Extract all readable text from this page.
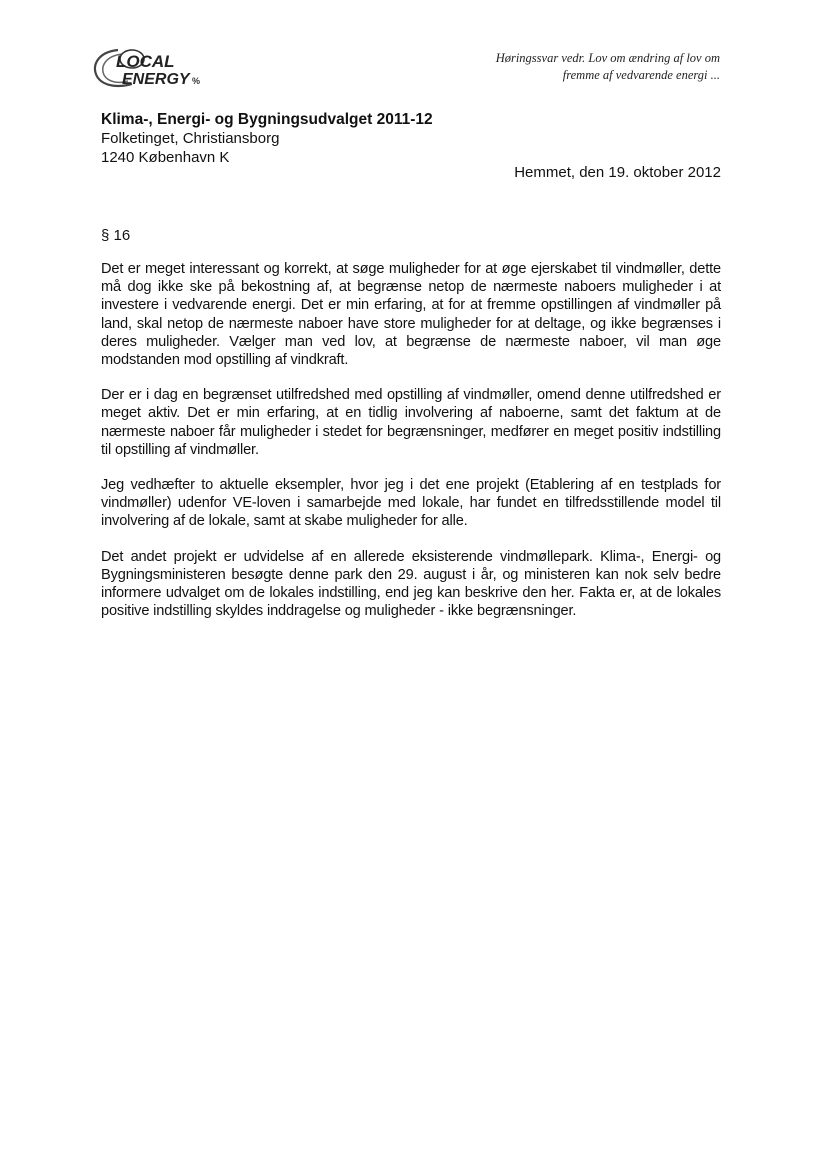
LOCAL
ENERGY %
Høringssvar vedr. Lov om ændring af lov om
fremme af vedvarende energi ...
Klima-, Energi- og Bygningsudvalget 2011-12
Folketinget, Christiansborg
1240 København K
Hemmet, den 19. oktober 2012
§ 16

Det er meget interessant og korrekt, at søge muligheder for at øge ejerskabet til vindmøller, dette må dog ikke ske på bekostning af, at begrænse netop de nærmeste naboers muligheder i at investere i vedvarende energi. Det er min erfaring, at for at fremme opstillingen af vindmøller på land, skal netop de nærmeste naboer have store muligheder for at deltage, og ikke begrænses i deres muligheder. Vælger man ved lov, at begrænse de nærmeste naboer, vil man øge modstanden mod opstilling af vindkraft.

Der er i dag en begrænset utilfredshed med opstilling af vindmøller, omend denne utilfredshed er meget aktiv. Det er min erfaring, at en tidlig involvering af naboerne, samt det faktum at de nærmeste naboer får muligheder i stedet for begrænsninger, medfører en meget positiv indstilling til opstilling af vindmøller.

Jeg vedhæfter to aktuelle eksempler, hvor jeg i det ene projekt (Etablering af en testplads for vindmøller) udenfor VE-loven i samarbejde med lokale, har fundet en tilfredsstillende model til involvering af de lokale, samt at skabe muligheder for alle.

Det andet projekt er udvidelse af en allerede eksisterende vindmøllepark. Klima-, Energi- og Bygningsministeren besøgte denne park den 29. august i år, og ministeren kan nok selv bedre informere udvalget om de lokales indstilling, end jeg kan beskrive den her. Fakta er, at de lokales positive indstilling skyldes inddragelse og muligheder - ikke begrænsninger.
